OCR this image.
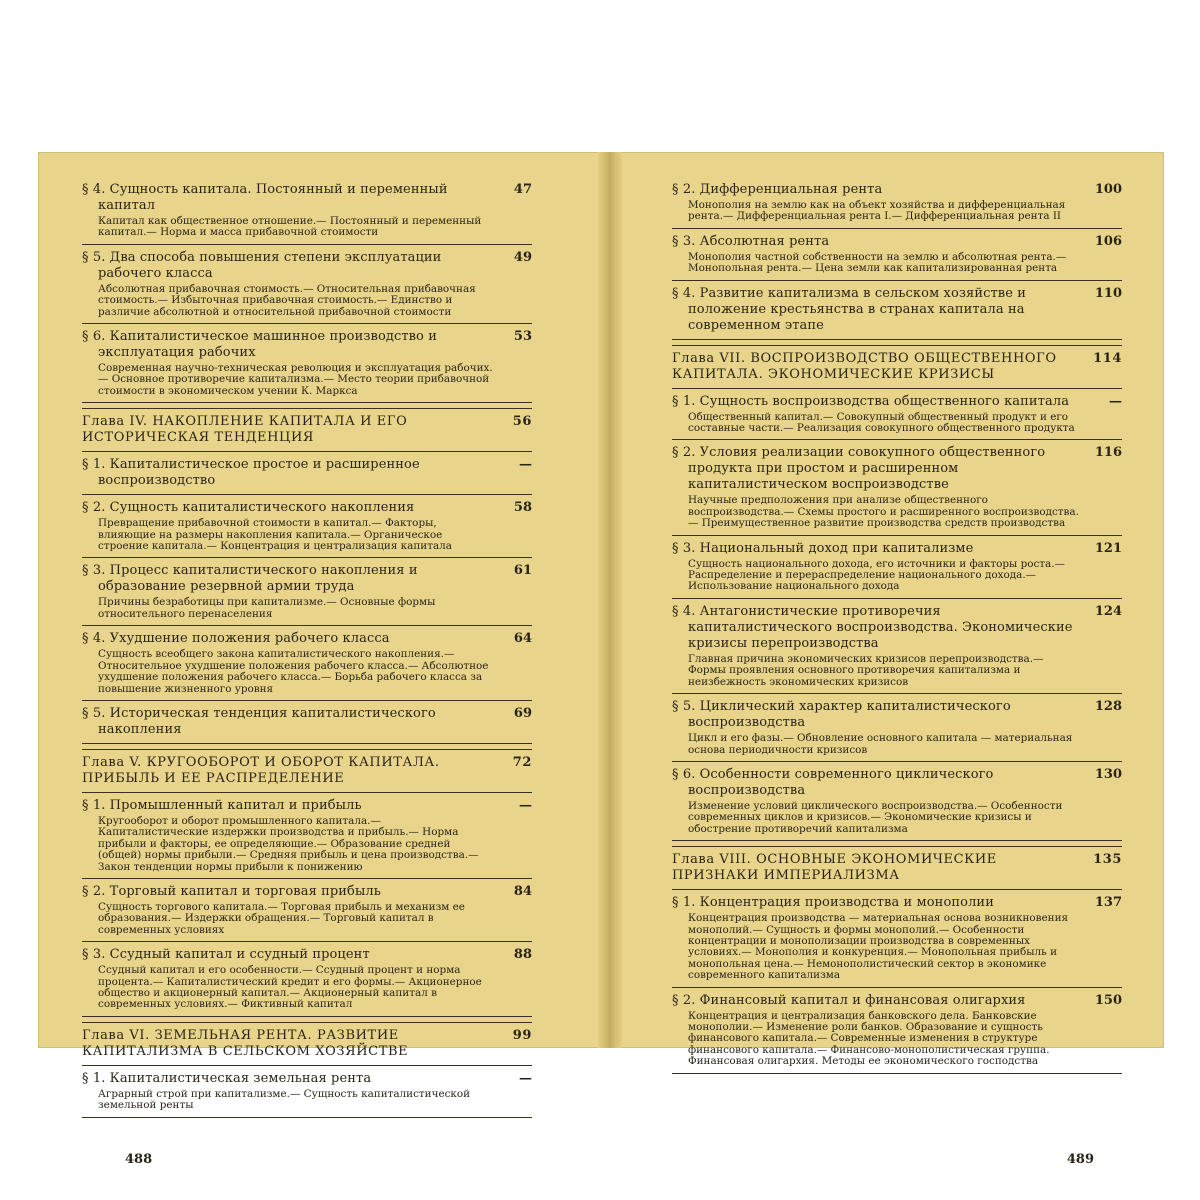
§ 4. Сущность капитала. Постоянный и переменный капитал
47
Капитал как общественное отношение.— Постоянный и переменный капитал.— Норма и масса прибавочной стоимости
§ 5. Два способа повышения степени эксплуатации рабочего класса
49
Абсолютная прибавочная стоимость.— Относительная прибавочная стоимость.— Избыточная прибавочная стоимость.— Единство и различие абсолютной и относительной прибавочной стоимости
§ 6. Капиталистическое машинное производство и эксплуатация рабочих
53
Современная научно-техническая революция и эксплуатация рабочих.— Основное противоречие капитализма.— Место теории прибавочной стоимости в экономическом учении К. Маркса
Глава IV. НАКОПЛЕНИЕ КАПИТАЛА И ЕГО ИСТОРИЧЕСКАЯ ТЕНДЕНЦИЯ
56
§ 1. Капиталистическое простое и расширенное воспроизводство
—
§ 2. Сущность капиталистического накопления	58
Превращение прибавочной стоимости в капитал.— Факторы, влияющие на размеры накопления капитала.— Органическое строение капитала.— Концентрация и централизация капитала
§ 3. Процесс капиталистического накопления и образование резервной армии труда
61
Причины безработицы при капитализме.— Основные формы относительного перенаселения
§ 4. Ухудшение положения рабочего класса	64
Сущность всеобщего закона капиталистического накопления.— Относительное ухудшение положения рабочего класса.— Абсолютное ухудшение положения рабочего класса.— Борьба рабочего класса за повышение жизненного уровня
§ 5. Историческая тенденция капиталистического накопления
69
Глава V. КРУГООБОРОТ И ОБОРОТ КАПИТАЛА. ПРИБЫЛЬ И ЕЕ РАСПРЕДЕЛЕНИЕ
72
§ 1. Промышленный капитал и прибыль	—
Кругооборот и оборот промышленного капитала.— Капиталистические издержки производства и прибыль.— Норма прибыли и факторы, ее определяющие.— Образование средней (общей) нормы прибыли.— Средняя прибыль и цена производства.— Закон тенденции нормы прибыли к понижению
§ 2. Торговый капитал и торговая прибыль	84
Сущность торгового капитала.— Торговая прибыль и механизм ее образования.— Издержки обращения.— Торговый капитал в современных условиях
§ 3. Ссудный капитал и ссудный процент	88
Ссудный капитал и его особенности.— Ссудный процент и норма процента.— Капиталистический кредит и его формы.— Акционерное общество и акционерный капитал.— Акционерный капитал в современных условиях.— Фиктивный капитал
Глава VI. ЗЕМЕЛЬНАЯ РЕНТА. РАЗВИТИЕ КАПИТАЛИЗМА В СЕЛЬСКОМ ХОЗЯЙСТВЕ
99
§ 1. Капиталистическая земельная рента	—
Аграрный строй при капитализме.— Сущность капиталистической земельной ренты
§ 2. Дифференциальная рента	100
Монополия на землю как на объект хозяйства и дифференциальная рента.— Дифференциальная рента I.— Дифференциальная рента II
§ 3. Абсолютная рента	106
Монополия частной собственности на землю и абсолютная рента.— Монопольная рента.— Цена земли как капитализированная рента
§ 4. Развитие капитализма в сельском хозяйстве и положение крестьянства в странах капитала на современном этапе
110
Глава VII. ВОСПРОИЗВОДСТВО ОБЩЕСТВЕННОГО КАПИТАЛА. ЭКОНОМИЧЕСКИЕ КРИЗИСЫ
114
§ 1. Сущность воспроизводства общественного капитала	—
Общественный капитал.— Совокупный общественный продукт и его составные части.— Реализация совокупного общественного продукта
§ 2. Условия реализации совокупного общественного продукта при простом и расширенном капиталистическом воспроизводстве
116
Научные предположения при анализе общественного воспроизводства.— Схемы простого и расширенного воспроизводства.— Преимущественное развитие производства средств производства
§ 3. Национальный доход при капитализме	121
Сущность национального дохода, его источники и факторы роста.— Распределение и перераспределение национального дохода.— Использование национального дохода
§ 4. Антагонистические противоречия капиталистического воспроизводства. Экономические кризисы перепроизводства
124
Главная причина экономических кризисов перепроизводства.— Формы проявления основного противоречия капитализма и неизбежность экономических кризисов
§ 5. Циклический характер капиталистического воспроизводства
128
Цикл и его фазы.— Обновление основного капитала — материальная основа периодичности кризисов
§ 6. Особенности современного циклического воспроизводства
130
Изменение условий циклического воспроизводства.— Особенности современных циклов и кризисов.— Экономические кризисы и обострение противоречий капитализма
Глава VIII. ОСНОВНЫЕ ЭКОНОМИЧЕСКИЕ ПРИЗНАКИ ИМПЕРИАЛИЗМА
135
§ 1. Концентрация производства и монополии	137
Концентрация производства — материальная основа возникновения монополий.— Сущность и формы монополий.— Особенности концентрации и монополизации производства в современных условиях.— Монополия и конкуренция.— Монопольная прибыль и монопольная цена.— Немонополистический сектор в экономике современного капитализма
§ 2. Финансовый капитал и финансовая олигархия	150
Концентрация и централизация банковского дела. Банковские монополии.— Изменение роли банков. Образование и сущность финансового капитала.— Современные изменения в структуре финансового капитала.— Финансово-монополистическая группа. Финансовая олигархия. Методы ее экономического господства
488	489
